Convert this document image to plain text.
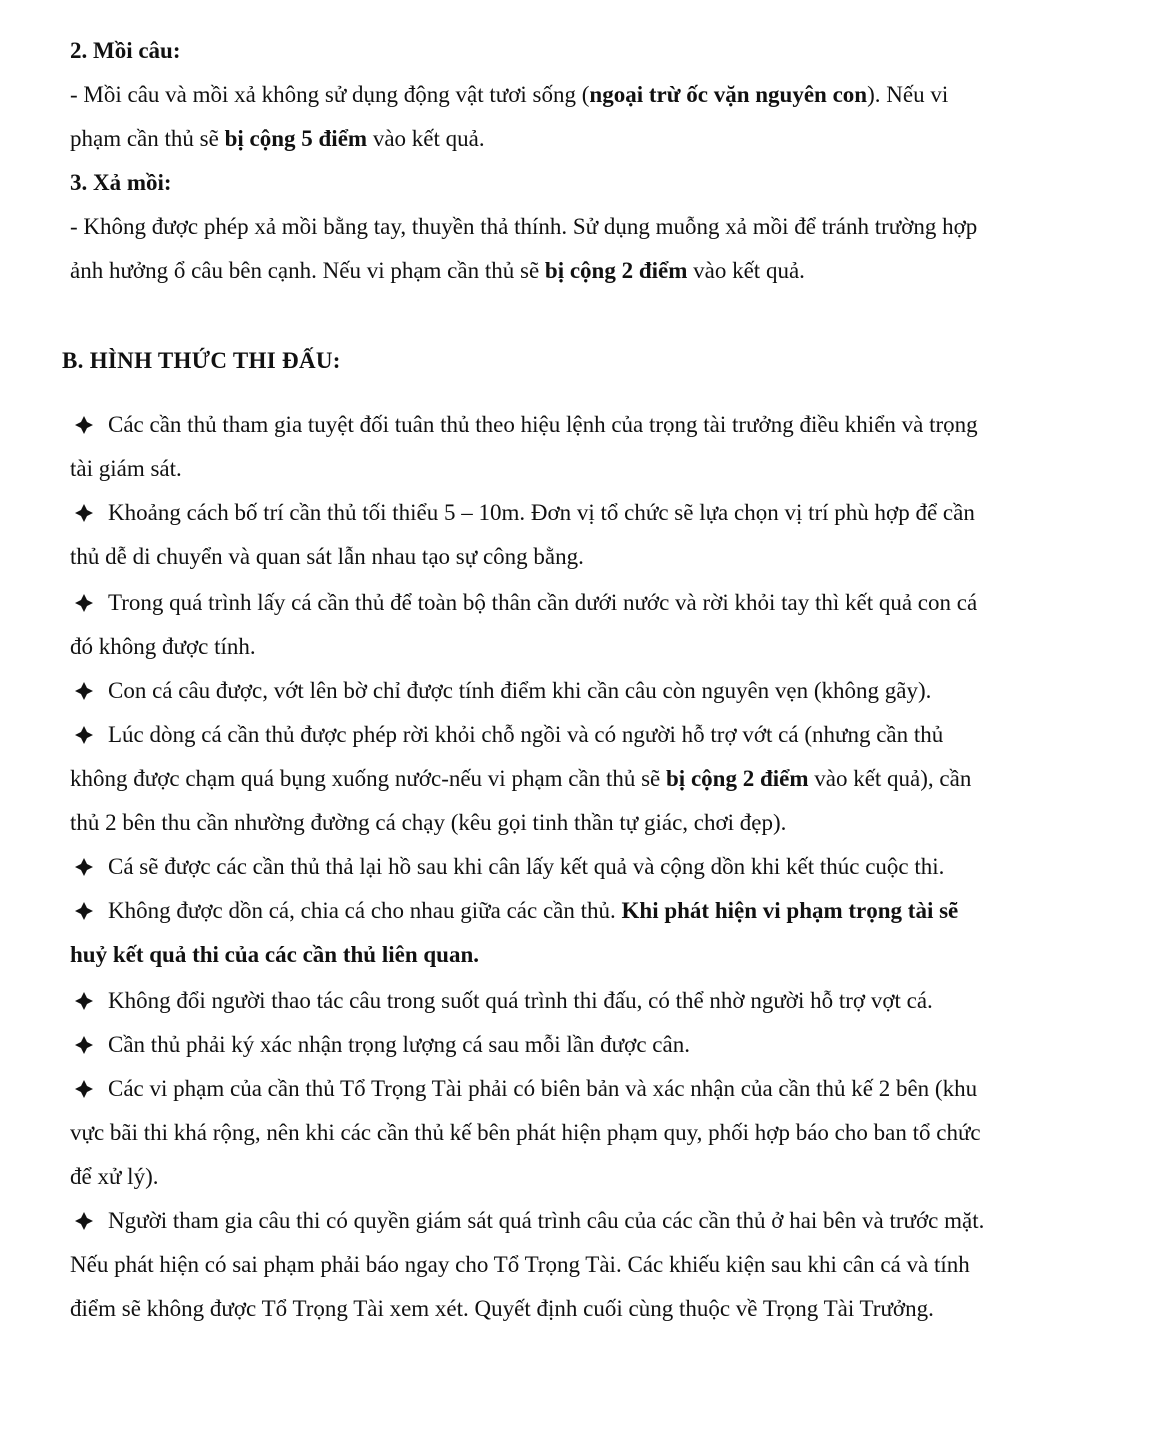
2. Mồi câu:
- Mồi câu và mồi xả không sử dụng động vật tươi sống (ngoại trừ ốc vặn nguyên con). Nếu vi
phạm cần thủ sẽ bị cộng 5 điểm vào kết quả.
3. Xả mồi:
- Không được phép xả mồi bằng tay, thuyền thả thính. Sử dụng muỗng xả mồi để tránh trường hợp
ảnh hưởng ổ câu bên cạnh. Nếu vi phạm cần thủ sẽ bị cộng 2 điểm vào kết quả.
B. HÌNH THỨC THI ĐẤU:
Các cần thủ tham gia tuyệt đối tuân thủ theo hiệu lệnh của trọng tài trưởng điều khiển và trọng
tài giám sát.
Khoảng cách bố trí cần thủ tối thiểu 5 – 10m. Đơn vị tổ chức sẽ lựa chọn vị trí phù hợp để cần
thủ dễ di chuyển và quan sát lẫn nhau tạo sự công bằng.
Trong quá trình lấy cá cần thủ để toàn bộ thân cần dưới nước và rời khỏi tay thì kết quả con cá
đó không được tính.
Con cá câu được, vớt lên bờ chỉ được tính điểm khi cần câu còn nguyên vẹn (không gãy).
Lúc dòng cá cần thủ được phép rời khỏi chỗ ngồi và có người hỗ trợ vớt cá (nhưng cần thủ
không được chạm quá bụng xuống nước-nếu vi phạm cần thủ sẽ bị cộng 2 điểm vào kết quả), cần
thủ 2 bên thu cần nhường đường cá chạy (kêu gọi tinh thần tự giác, chơi đẹp).
Cá sẽ được các cần thủ thả lại hồ sau khi cân lấy kết quả và cộng dồn khi kết thúc cuộc thi.
Không được dồn cá, chia cá cho nhau giữa các cần thủ. Khi phát hiện vi phạm trọng tài sẽ
huỷ kết quả thi của các cần thủ liên quan.
Không đổi người thao tác câu trong suốt quá trình thi đấu, có thể nhờ người hỗ trợ vợt cá.
Cần thủ phải ký xác nhận trọng lượng cá sau mỗi lần được cân.
Các vi phạm của cần thủ Tổ Trọng Tài phải có biên bản và xác nhận của cần thủ kế 2 bên (khu
vực bãi thi khá rộng, nên khi các cần thủ kế bên phát hiện phạm quy, phối hợp báo cho ban tổ chức
để xử lý).
Người tham gia câu thi có quyền giám sát quá trình câu của các cần thủ ở hai bên và trước mặt.
Nếu phát hiện có sai phạm phải báo ngay cho Tổ Trọng Tài. Các khiếu kiện sau khi cân cá và tính
điểm sẽ không được Tổ Trọng Tài xem xét. Quyết định cuối cùng thuộc về Trọng Tài Trưởng.
